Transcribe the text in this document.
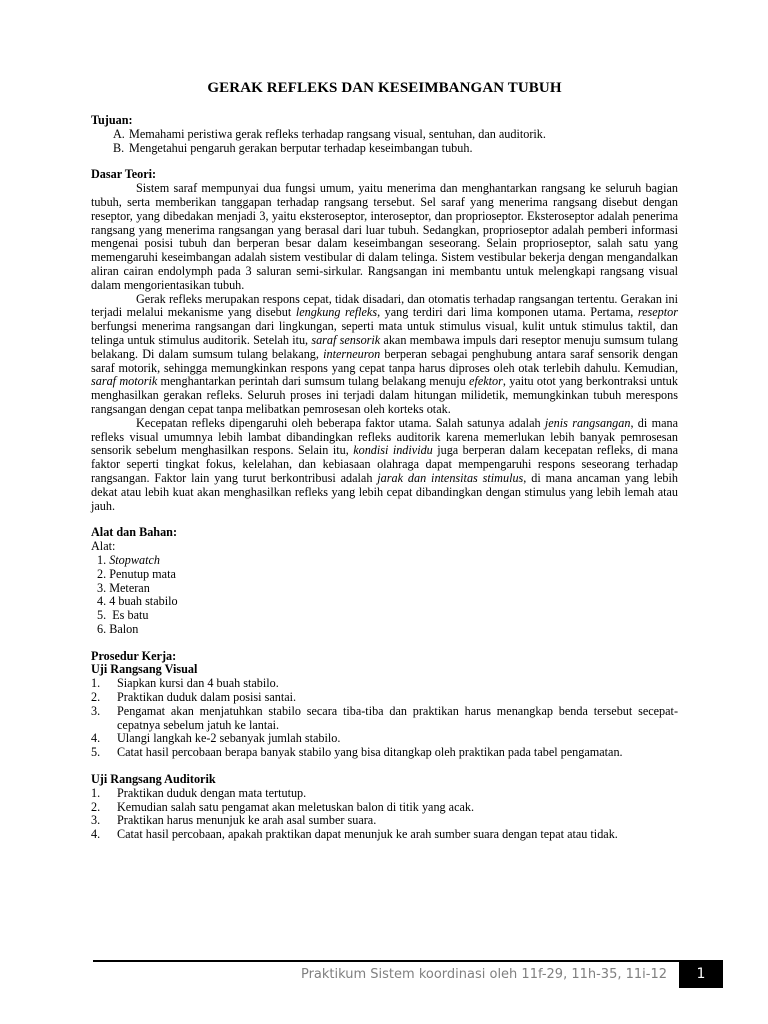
GERAK REFLEKS DAN KESEIMBANGAN TUBUH
Tujuan:
A. Memahami peristiwa gerak refleks terhadap rangsang visual, sentuhan, dan auditorik.
B. Mengetahui pengaruh gerakan berputar terhadap keseimbangan tubuh.
Dasar Teori:

Sistem saraf mempunyai dua fungsi umum, yaitu menerima dan menghantarkan rangsang ke seluruh bagian tubuh, serta memberikan tanggapan terhadap rangsang tersebut. Sel saraf yang menerima rangsang disebut dengan reseptor, yang dibedakan menjadi 3, yaitu eksteroseptor, interoseptor, dan proprioseptor. Eksteroseptor adalah penerima rangsang yang menerima rangsangan yang berasal dari luar tubuh. Sedangkan, proprioseptor adalah pemberi informasi mengenai posisi tubuh dan berperan besar dalam keseimbangan seseorang. Selain proprioseptor, salah satu yang memengaruhi keseimbangan adalah sistem vestibular di dalam telinga. Sistem vestibular bekerja dengan mengandalkan aliran cairan endolymph pada 3 saluran semi-sirkular. Rangsangan ini membantu untuk melengkapi rangsang visual dalam mengorientasikan tubuh.

Gerak refleks merupakan respons cepat, tidak disadari, dan otomatis terhadap rangsangan tertentu. Gerakan ini terjadi melalui mekanisme yang disebut lengkung refleks, yang terdiri dari lima komponen utama. Pertama, reseptor berfungsi menerima rangsangan dari lingkungan, seperti mata untuk stimulus visual, kulit untuk stimulus taktil, dan telinga untuk stimulus auditorik. Setelah itu, saraf sensorik akan membawa impuls dari reseptor menuju sumsum tulang belakang. Di dalam sumsum tulang belakang, interneuron berperan sebagai penghubung antara saraf sensorik dengan saraf motorik, sehingga memungkinkan respons yang cepat tanpa harus diproses oleh otak terlebih dahulu. Kemudian, saraf motorik menghantarkan perintah dari sumsum tulang belakang menuju efektor, yaitu otot yang berkontraksi untuk menghasilkan gerakan refleks. Seluruh proses ini terjadi dalam hitungan milidetik, memungkinkan tubuh merespons rangsangan dengan cepat tanpa melibatkan pemrosesan oleh korteks otak.

Kecepatan refleks dipengaruhi oleh beberapa faktor utama. Salah satunya adalah jenis rangsangan, di mana refleks visual umumnya lebih lambat dibandingkan refleks auditorik karena memerlukan lebih banyak pemrosesan sensorik sebelum menghasilkan respons. Selain itu, kondisi individu juga berperan dalam kecepatan refleks, di mana faktor seperti tingkat fokus, kelelahan, dan kebiasaan olahraga dapat mempengaruhi respons seseorang terhadap rangsangan. Faktor lain yang turut berkontribusi adalah jarak dan intensitas stimulus, di mana ancaman yang lebih dekat atau lebih kuat akan menghasilkan refleks yang lebih cepat dibandingkan dengan stimulus yang lebih lemah atau jauh.

Alat dan Bahan:
Alat:
1. Stopwatch
2. Penutup mata
3. Meteran
4. 4 buah stabilo
5.  Es batu
6. Balon
Prosedur Kerja:
Uji Rangsang Visual
1.	Siapkan kursi dan 4 buah stabilo.
2.	Praktikan duduk dalam posisi santai.
3.	Pengamat akan menjatuhkan stabilo secara tiba-tiba dan praktikan harus menangkap benda tersebut secepat-cepatnya sebelum jatuh ke lantai.
4.	Ulangi langkah ke-2 sebanyak jumlah stabilo.
5.	Catat hasil percobaan berapa banyak stabilo yang bisa ditangkap oleh praktikan pada tabel pengamatan.
Uji Rangsang Auditorik
1.	Praktikan duduk dengan mata tertutup.
2.	Kemudian salah satu pengamat akan meletuskan balon di titik yang acak.
3.	Praktikan harus menunjuk ke arah asal sumber suara.
4.	Catat hasil percobaan, apakah praktikan dapat menunjuk ke arah sumber suara dengan tepat atau tidak.
Praktikum Sistem koordinasi oleh 11f-29, 11h-35, 11i-12	1
